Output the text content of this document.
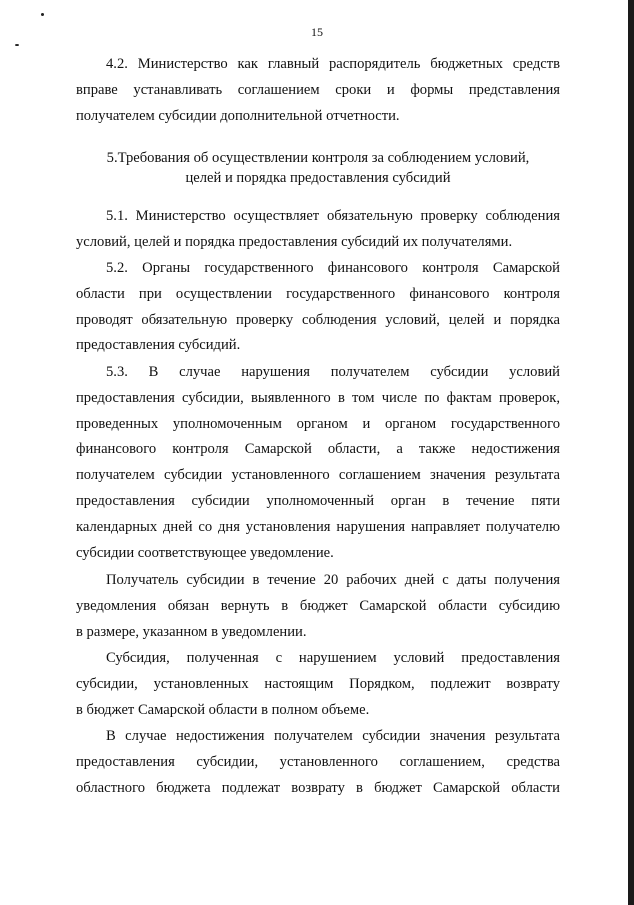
15
4.2. Министерство как главный распорядитель бюджетных средств
вправе устанавливать соглашением сроки и формы представления
получателем субсидии дополнительной отчетности.
5.Требования об осуществлении контроля за соблюдением условий,
целей и порядка предоставления субсидий
5.1. Министерство осуществляет обязательную проверку соблюдения
условий, целей и порядка предоставления субсидий их получателями.
5.2. Органы государственного финансового контроля Самарской
области при осуществлении государственного финансового контроля
проводят обязательную проверку соблюдения условий, целей и порядка
предоставления субсидий.
5.3. В случае нарушения получателем субсидии условий
предоставления субсидии, выявленного в том числе по фактам проверок,
проведенных уполномоченным органом и органом государственного
финансового контроля Самарской области, а также недостижения
получателем субсидии установленного соглашением значения результата
предоставления субсидии уполномоченный орган в течение пяти
календарных дней со дня установления нарушения направляет получателю
субсидии соответствующее уведомление.
Получатель субсидии в течение 20 рабочих дней с даты получения
уведомления обязан вернуть в бюджет Самарской области субсидию
в размере, указанном в уведомлении.
Субсидия, полученная с нарушением условий предоставления
субсидии, установленных настоящим Порядком, подлежит возврату
в бюджет Самарской области в полном объеме.
В случае недостижения получателем субсидии значения результата
предоставления субсидии, установленного соглашением, средства
областного бюджета подлежат возврату в бюджет Самарской области
